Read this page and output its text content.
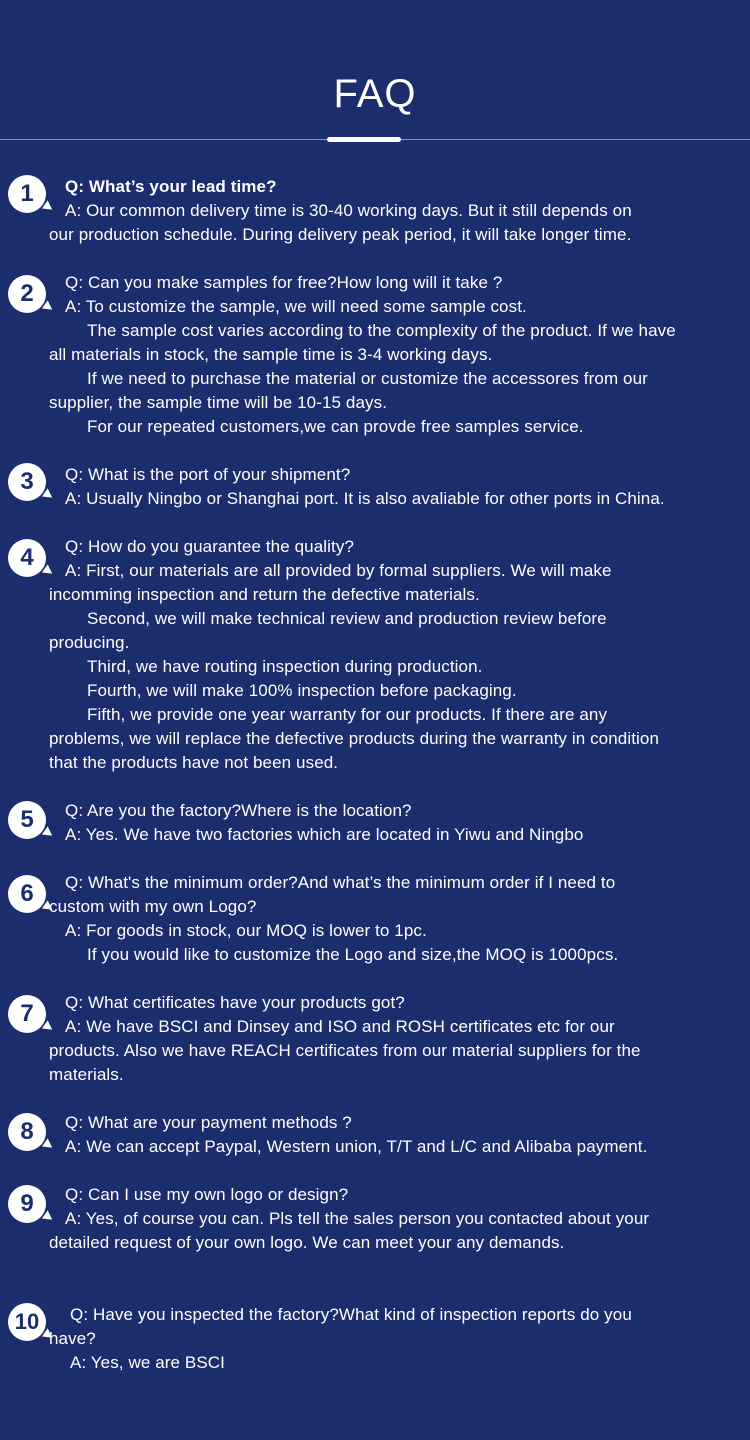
FAQ
1	Q: What’s your lead time?
A: Our common delivery time is 30-40 working days. But it still depends on
our production schedule. During delivery peak period, it will take longer time.
2	Q: Can you make samples for free?How long will it take ?
A: To customize the sample, we will need some sample cost.
The sample cost varies according to the complexity of the product. If we have
all materials in stock, the sample time is 3-4 working days.
If we need to purchase the material or customize the accessores from our
supplier, the sample time will be 10-15 days.
For our repeated customers,we can provde free samples service.
3	Q: What is the port of your shipment?
A: Usually Ningbo or Shanghai port. It is also avaliable for other ports in China.
4	Q: How do you guarantee the quality?
A: First, our materials are all provided by formal suppliers. We will make
incomming inspection and return the defective materials.
Second, we will make technical review and production review before
producing.
Third, we have routing inspection during production.
Fourth, we will make 100% inspection before packaging.
Fifth, we provide one year warranty for our products. If there are any
problems, we will replace the defective products during the warranty in condition
that the products have not been used.
5	Q: Are you the factory?Where is the location?
A: Yes. We have two factories which are located in Yiwu and Ningbo
6	Q: What's the minimum order?And what’s the minimum order if I need to
custom with my own Logo?
A: For goods in stock, our MOQ is lower to 1pc.
If you would like to customize the Logo and size,the MOQ is 1000pcs.
7	Q: What certificates have your products got?
A: We have BSCI and Dinsey and ISO and ROSH certificates etc for our
products. Also we have REACH certificates from our material suppliers for the
materials.
8	Q: What are your payment methods ?
A: We can accept Paypal, Western union, T/T and L/C and Alibaba payment.
9	Q: Can I use my own logo or design?
A: Yes, of course you can. Pls tell the sales person you contacted about your
detailed request of your own logo. We can meet your any demands.
10	Q: Have you inspected the factory?What kind of inspection reports do you
have?
A: Yes, we are BSCI
